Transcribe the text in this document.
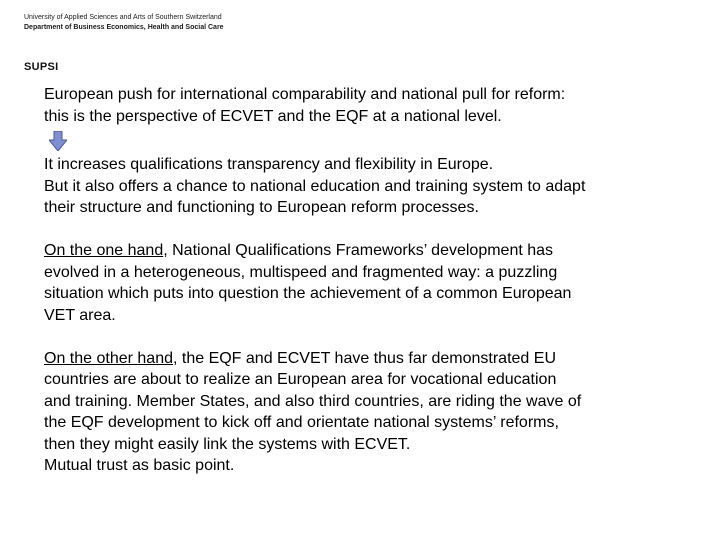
University of Applied Sciences and Arts of Southern Switzerland
Department of Business Economics, Health and Social Care
SUPSI
European push for international comparability and national pull for reform:
this is the perspective of ECVET and the EQF at a national level.
It increases qualifications transparency and flexibility in Europe.
But it also offers a chance to national education and training system to adapt
their structure and functioning to European reform processes.
On the one hand, National Qualifications Frameworks’ development has
evolved in a heterogeneous, multispeed and fragmented way: a puzzling
situation which puts into question the achievement of a common European
VET area.
On the other hand, the EQF and ECVET have thus far demonstrated EU
countries are about to realize an European area for vocational education
and training. Member States, and also third countries, are riding the wave of
the EQF development to kick off and orientate national systems’ reforms,
then they might easily link the systems with ECVET.
Mutual trust as basic point.
